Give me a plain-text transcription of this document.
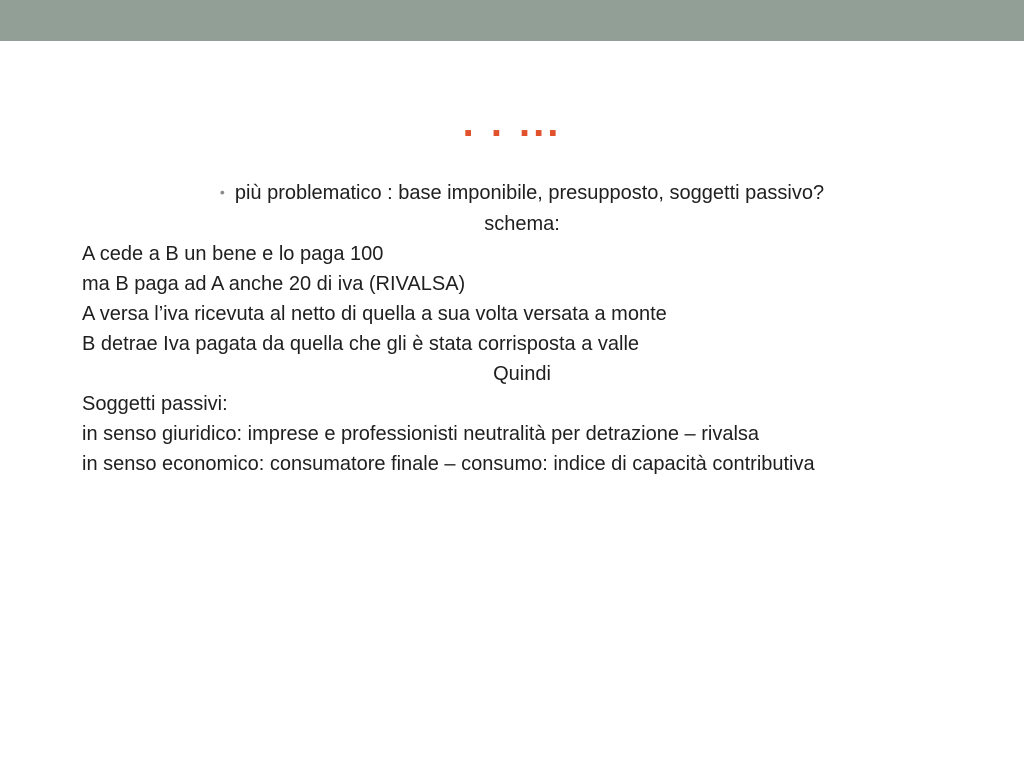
. . ...
• più problematico : base imponibile, presupposto, soggetti passivo?
schema:
A cede a B un bene e lo paga 100
ma B paga ad A anche 20 di iva (RIVALSA)
A versa l’iva ricevuta al netto di quella a sua volta versata a monte
B detrae Iva pagata da quella che gli è stata corrisposta a valle
Quindi
Soggetti passivi:
in senso giuridico: imprese e professionisti neutralità per detrazione – rivalsa
in senso economico: consumatore finale – consumo: indice di capacità contributiva
